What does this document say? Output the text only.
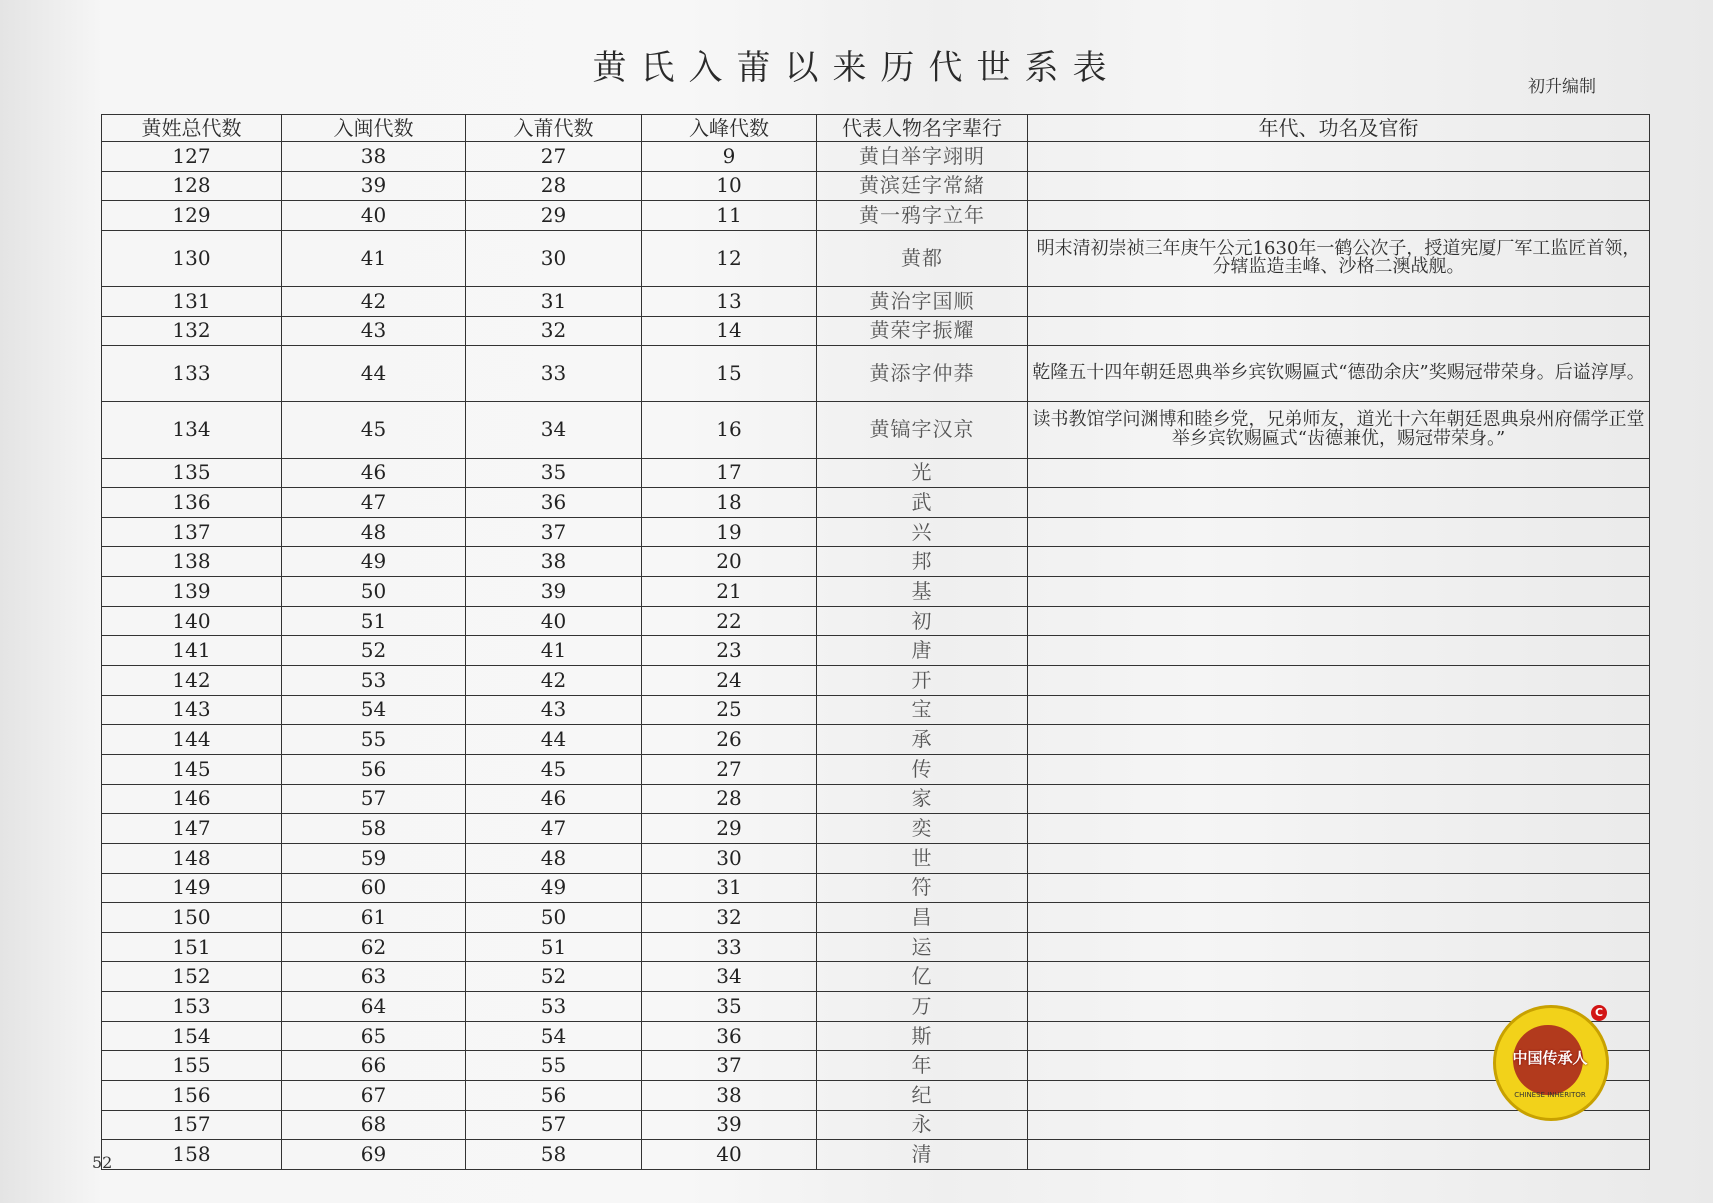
黄氏入莆以来历代世系表	初升编制
黄姓总代数	入闽代数	入莆代数	入峰代数	代表人物名字辈行	年代、功名及官衔
127	38	27	9	黄白举字翊明	
128	39	28	10	黄滨廷字常緒	
129	40	29	11	黄一鸦字立年	
130	41	30	12	黄都	明末清初崇祯三年庚午公元1630年一鹤公次子，授道宪厦厂军工监匠首领，分辖监造圭峰、沙格二澳战舰。
131	42	31	13	黄治字国顺	
132	43	32	14	黄荣字振耀	
133	44	33	15	黄添字仲莽	乾隆五十四年朝廷恩典举乡宾钦赐匾式“德劭余庆”奖赐冠带荣身。后谥淳厚。
134	45	34	16	黄镐字汉京	读书教馆学问渊博和睦乡党，兄弟师友，道光十六年朝廷恩典泉州府儒学正堂举乡宾钦赐匾式“齿德兼优，赐冠带荣身。”
135	46	35	17	光	
136	47	36	18	武	
137	48	37	19	兴	
138	49	38	20	邦	
139	50	39	21	基	
140	51	40	22	初	
141	52	41	23	唐	
142	53	42	24	开	
143	54	43	25	宝	
144	55	44	26	承	
145	56	45	27	传	
146	57	46	28	家	
147	58	47	29	奕	
148	59	48	30	世	
149	60	49	31	符	
150	61	50	32	昌	
151	62	51	33	运	
152	63	52	34	亿	
153	64	53	35	万	
154	65	54	36	斯	
155	66	55	37	年	
156	67	56	38	纪	
157	68	57	39	永	
158	69	58	40	清	
52
中国传承人
CHINESE INHERITOR
C
